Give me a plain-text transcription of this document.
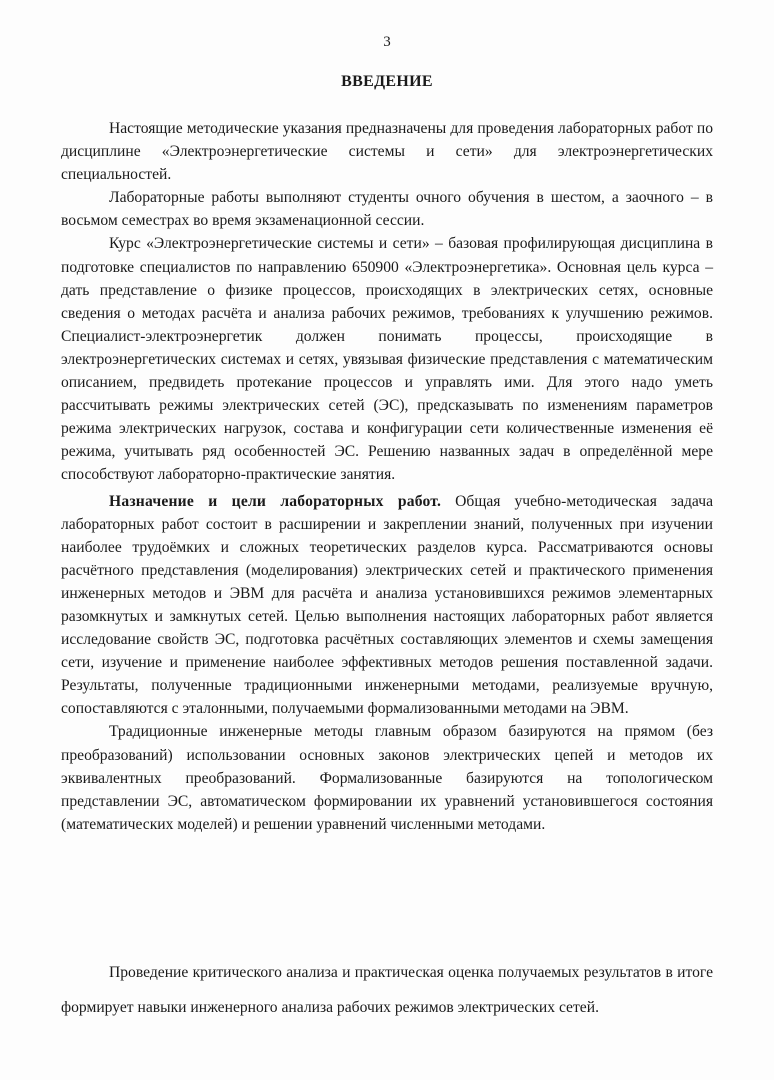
3
ВВЕДЕНИЕ

Настоящие методические указания предназначены для проведения лабораторных работ по дисциплине «Электроэнергетические системы и сети» для электроэнергетических специальностей.

Лабораторные работы выполняют студенты очного обучения в шестом, а заочного – в восьмом семестрах во время экзаменационной сессии.

Курс «Электроэнергетические системы и сети» – базовая профилирующая дисциплина в подготовке специалистов по направлению 650900 «Электроэнергетика». Основная цель курса – дать представление о физике процессов, происходящих в электрических сетях, основные сведения о методах расчёта и анализа рабочих режимов, требованиях к улучшению режимов. Специалист-электроэнергетик должен понимать процессы, происходящие в электроэнергетических системах и сетях, увязывая физические представления с математическим описанием, предвидеть протекание процессов и управлять ими. Для этого надо уметь рассчитывать режимы электрических сетей (ЭС), предсказывать по изменениям параметров режима электрических нагрузок, состава и конфигурации сети количественные изменения её режима, учитывать ряд особенностей ЭС. Решению названных задач в определённой мере способствуют лабораторно-практические занятия.

Назначение и цели лабораторных работ. Общая учебно-методическая задача лабораторных работ состоит в расширении и закреплении знаний, полученных при изучении наиболее трудоёмких и сложных теоретических разделов курса. Рассматриваются основы расчётного представления (моделирования) электрических сетей и практического применения инженерных методов и ЭВМ для расчёта и анализа установившихся режимов элементарных разомкнутых и замкнутых сетей. Целью выполнения настоящих лабораторных работ является исследование свойств ЭС, подготовка расчётных составляющих элементов и схемы замещения сети, изучение и применение наиболее эффективных методов решения поставленной задачи. Результаты, полученные традиционными инженерными методами, реализуемые вручную, сопоставляются с эталонными, получаемыми формализованными методами на ЭВМ.

Традиционные инженерные методы главным образом базируются на прямом (без преобразований) использовании основных законов электрических цепей и методов их эквивалентных преобразований. Формализованные базируются на топологическом представлении ЭС, автоматическом формировании их уравнений установившегося состояния (математических моделей) и решении уравнений численными методами.

Проведение критического анализа и практическая оценка получаемых результатов в итоге формирует навыки инженерного анализа рабочих режимов электрических сетей.
